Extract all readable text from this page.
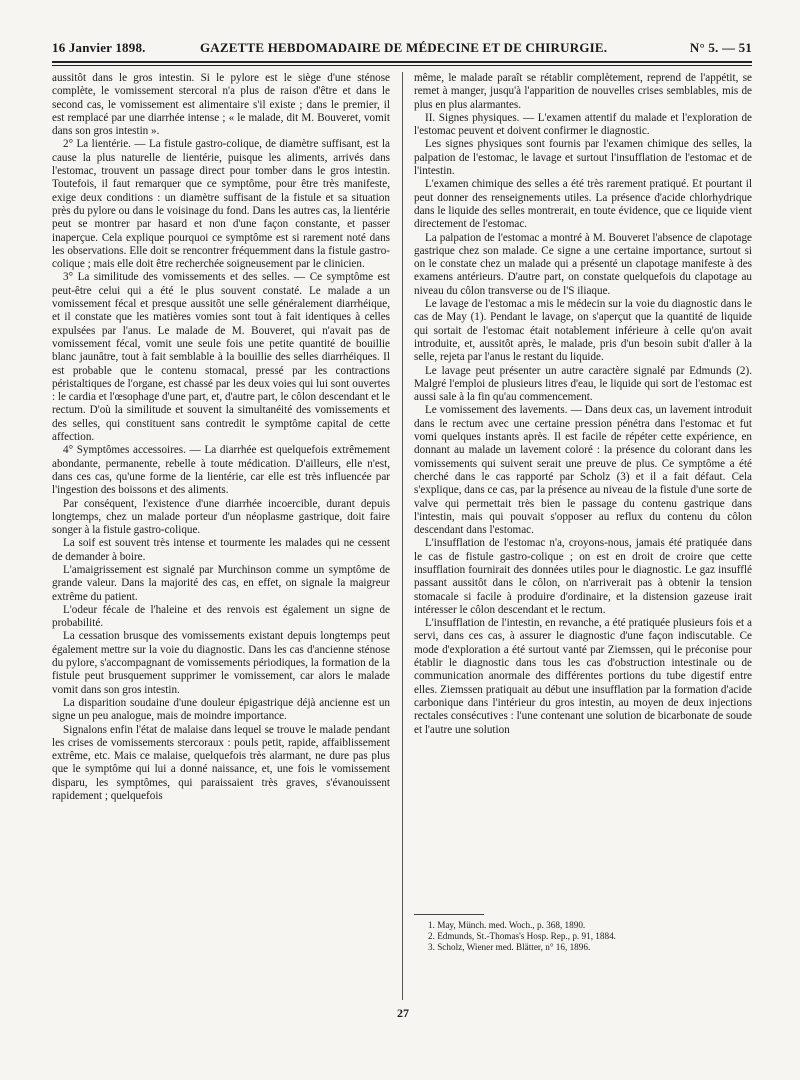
16 Janvier 1898.	GAZETTE HEBDOMADAIRE DE MÉDECINE ET DE CHIRURGIE.	N° 5. — 51

aussitôt dans le gros intestin. Si le pylore est le siège d'une sténose complète, le vomissement stercoral n'a plus de raison d'être et dans le second cas, le vomissement est alimentaire s'il existe ; dans le premier, il est remplacé par une diarrhée intense ; « le malade, dit M. Bouveret, vomit dans son gros intestin ».

2° La lientérie. — La fistule gastro-colique, de diamètre suffisant, est la cause la plus naturelle de lientérie, puisque les aliments, arrivés dans l'estomac, trouvent un passage direct pour tomber dans le gros intestin. Toutefois, il faut remarquer que ce symptôme, pour être très manifeste, exige deux conditions : un diamètre suffisant de la fistule et sa situation près du pylore ou dans le voisinage du fond. Dans les autres cas, la lientérie peut se montrer par hasard et non d'une façon constante, et passer inaperçue. Cela explique pourquoi ce symptôme est si rarement noté dans les observations. Elle doit se rencontrer fréquemment dans la fistule gastro-colique ; mais elle doit être recherchée soigneusement par le clinicien.

3° La similitude des vomissements et des selles. — Ce symptôme est peut-être celui qui a été le plus souvent constaté. Le malade a un vomissement fécal et presque aussitôt une selle généralement diarrhéique, et il constate que les matières vomies sont tout à fait identiques à celles expulsées par l'anus. Le malade de M. Bouveret, qui n'avait pas de vomissement fécal, vomit une seule fois une petite quantité de bouillie blanc jaunâtre, tout à fait semblable à la bouillie des selles diarrhéiques. Il est probable que le contenu stomacal, pressé par les contractions péristaltiques de l'organe, est chassé par les deux voies qui lui sont ouvertes : le cardia et l'œsophage d'une part, et, d'autre part, le côlon descendant et le rectum. D'où la similitude et souvent la simultanéité des vomissements et des selles, qui constituent sans contredit le symptôme capital de cette affection.

4° Symptômes accessoires. — La diarrhée est quelquefois extrêmement abondante, permanente, rebelle à toute médication. D'ailleurs, elle n'est, dans ces cas, qu'une forme de la lientérie, car elle est très influencée par l'ingestion des boissons et des aliments.

Par conséquent, l'existence d'une diarrhée incoercible, durant depuis longtemps, chez un malade porteur d'un néoplasme gastrique, doit faire songer à la fistule gastro-colique.

La soif est souvent très intense et tourmente les malades qui ne cessent de demander à boire.

L'amaigrissement est signalé par Murchinson comme un symptôme de grande valeur. Dans la majorité des cas, en effet, on signale la maigreur extrême du patient.

L'odeur fécale de l'haleine et des renvois est également un signe de probabilité.

La cessation brusque des vomissements existant depuis longtemps peut également mettre sur la voie du diagnostic. Dans les cas d'ancienne sténose du pylore, s'accompagnant de vomissements périodiques, la formation de la fistule peut brusquement supprimer le vomissement, car alors le malade vomit dans son gros intestin.

La disparition soudaine d'une douleur épigastrique déjà ancienne est un signe un peu analogue, mais de moindre importance.

Signalons enfin l'état de malaise dans lequel se trouve le malade pendant les crises de vomissements stercoraux : pouls petit, rapide, affaiblissement extrême, etc. Mais ce malaise, quelquefois très alarmant, ne dure pas plus que le symptôme qui lui a donné naissance, et, une fois le vomissement disparu, les symptômes, qui paraissaient très graves, s'évanouissent rapidement ; quelquefois

même, le malade paraît se rétablir complètement, reprend de l'appétit, se remet à manger, jusqu'à l'apparition de nouvelles crises semblables, mis de plus en plus alarmantes.

II. Signes physiques. — L'examen attentif du malade et l'exploration de l'estomac peuvent et doivent confirmer le diagnostic.

Les signes physiques sont fournis par l'examen chimique des selles, la palpation de l'estomac, le lavage et surtout l'insufflation de l'estomac et de l'intestin.

L'examen chimique des selles a été très rarement pratiqué. Et pourtant il peut donner des renseignements utiles. La présence d'acide chlorhydrique dans le liquide des selles montrerait, en toute évidence, que ce liquide vient directement de l'estomac.

La palpation de l'estomac a montré à M. Bouveret l'absence de clapotage gastrique chez son malade. Ce signe a une certaine importance, surtout si on le constate chez un malade qui a présenté un clapotage manifeste à des examens antérieurs. D'autre part, on constate quelquefois du clapotage au niveau du côlon transverse ou de l'S iliaque.

Le lavage de l'estomac a mis le médecin sur la voie du diagnostic dans le cas de May (1). Pendant le lavage, on s'aperçut que la quantité de liquide qui sortait de l'estomac était notablement inférieure à celle qu'on avait introduite, et, aussitôt après, le malade, pris d'un besoin subit d'aller à la selle, rejeta par l'anus le restant du liquide.

Le lavage peut présenter un autre caractère signalé par Edmunds (2). Malgré l'emploi de plusieurs litres d'eau, le liquide qui sort de l'estomac est aussi sale à la fin qu'au commencement.

Le vomissement des lavements. — Dans deux cas, un lavement introduit dans le rectum avec une certaine pression pénétra dans l'estomac et fut vomi quelques instants après. Il est facile de répéter cette expérience, en donnant au malade un lavement coloré : la présence du colorant dans les vomissements qui suivent serait une preuve de plus. Ce symptôme a été cherché dans le cas rapporté par Scholz (3) et il a fait défaut. Cela s'explique, dans ce cas, par la présence au niveau de la fistule d'une sorte de valve qui permettait très bien le passage du contenu gastrique dans l'intestin, mais qui pouvait s'opposer au reflux du contenu du côlon descendant dans l'estomac.

L'insufflation de l'estomac n'a, croyons-nous, jamais été pratiquée dans le cas de fistule gastro-colique ; on est en droit de croire que cette insufflation fournirait des données utiles pour le diagnostic. Le gaz insufflé passant aussitôt dans le côlon, on n'arriverait pas à obtenir la tension stomacale si facile à produire d'ordinaire, et la distension gazeuse irait intéresser le côlon descendant et le rectum.

L'insufflation de l'intestin, en revanche, a été pratiquée plusieurs fois et a servi, dans ces cas, à assurer le diagnostic d'une façon indiscutable. Ce mode d'exploration a été surtout vanté par Ziemssen, qui le préconise pour établir le diagnostic dans tous les cas d'obstruction intestinale ou de communication anormale des différentes portions du tube digestif entre elles. Ziemssen pratiquait au début une insufflation par la formation d'acide carbonique dans l'intérieur du gros intestin, au moyen de deux injections rectales consécutives : l'une contenant une solution de bicarbonate de soude et l'autre une solution

1. May, Münch. med. Woch., p. 368, 1890.
2. Edmunds, St.-Thomas's Hosp. Rep., p. 91, 1884.
3. Scholz, Wiener med. Blätter, n° 16, 1896.
27
